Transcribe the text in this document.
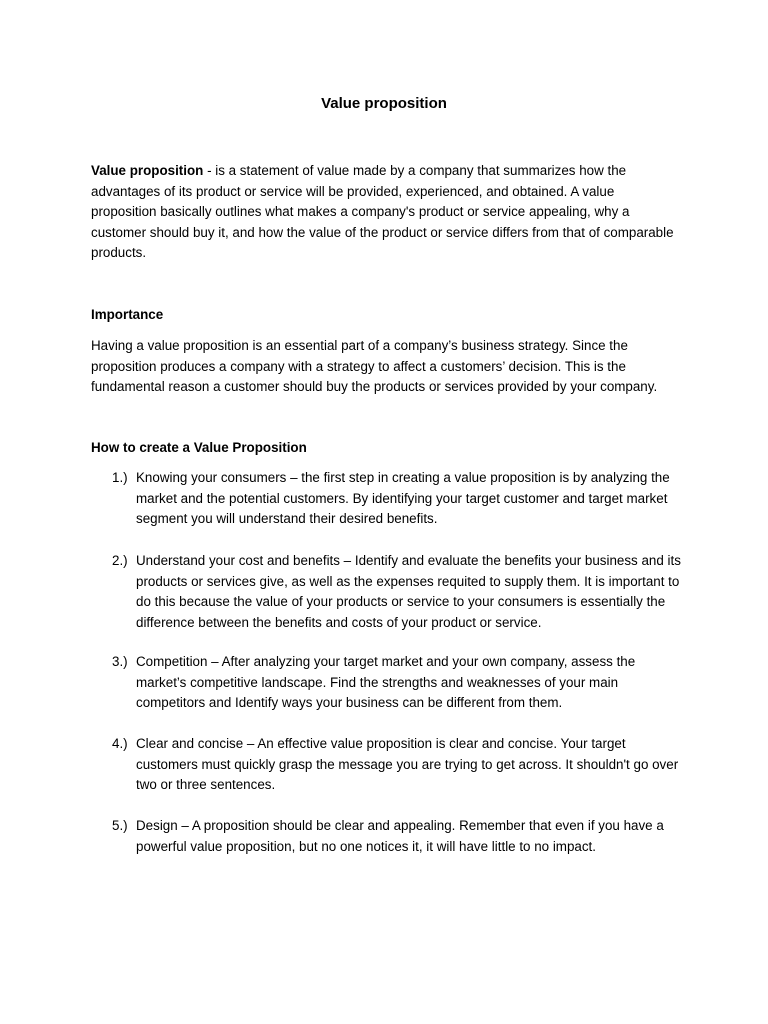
Value proposition

Value proposition - is a statement of value made by a company that summarizes how the advantages of its product or service will be provided, experienced, and obtained. A value proposition basically outlines what makes a company's product or service appealing, why a customer should buy it, and how the value of the product or service differs from that of comparable products.

Importance

Having a value proposition is an essential part of a company’s business strategy. Since the proposition produces a company with a strategy to affect a customers’ decision. This is the fundamental reason a customer should buy the products or services provided by your company.

How to create a Value Proposition

1.) Knowing your consumers – the first step in creating a value proposition is by analyzing the market and the potential customers. By identifying your target customer and target market segment you will understand their desired benefits.
2.) Understand your cost and benefits – Identify and evaluate the benefits your business and its products or services give, as well as the expenses requited to supply them. It is important to do this because the value of your products or service to your consumers is essentially the difference between the benefits and costs of your product or service.
3.) Competition – After analyzing your target market and your own company, assess the market’s competitive landscape. Find the strengths and weaknesses of your main competitors and Identify ways your business can be different from them.
4.) Clear and concise – An effective value proposition is clear and concise. Your target customers must quickly grasp the message you are trying to get across. It shouldn't go over two or three sentences.
5.) Design – A proposition should be clear and appealing. Remember that even if you have a powerful value proposition, but no one notices it, it will have little to no impact.
